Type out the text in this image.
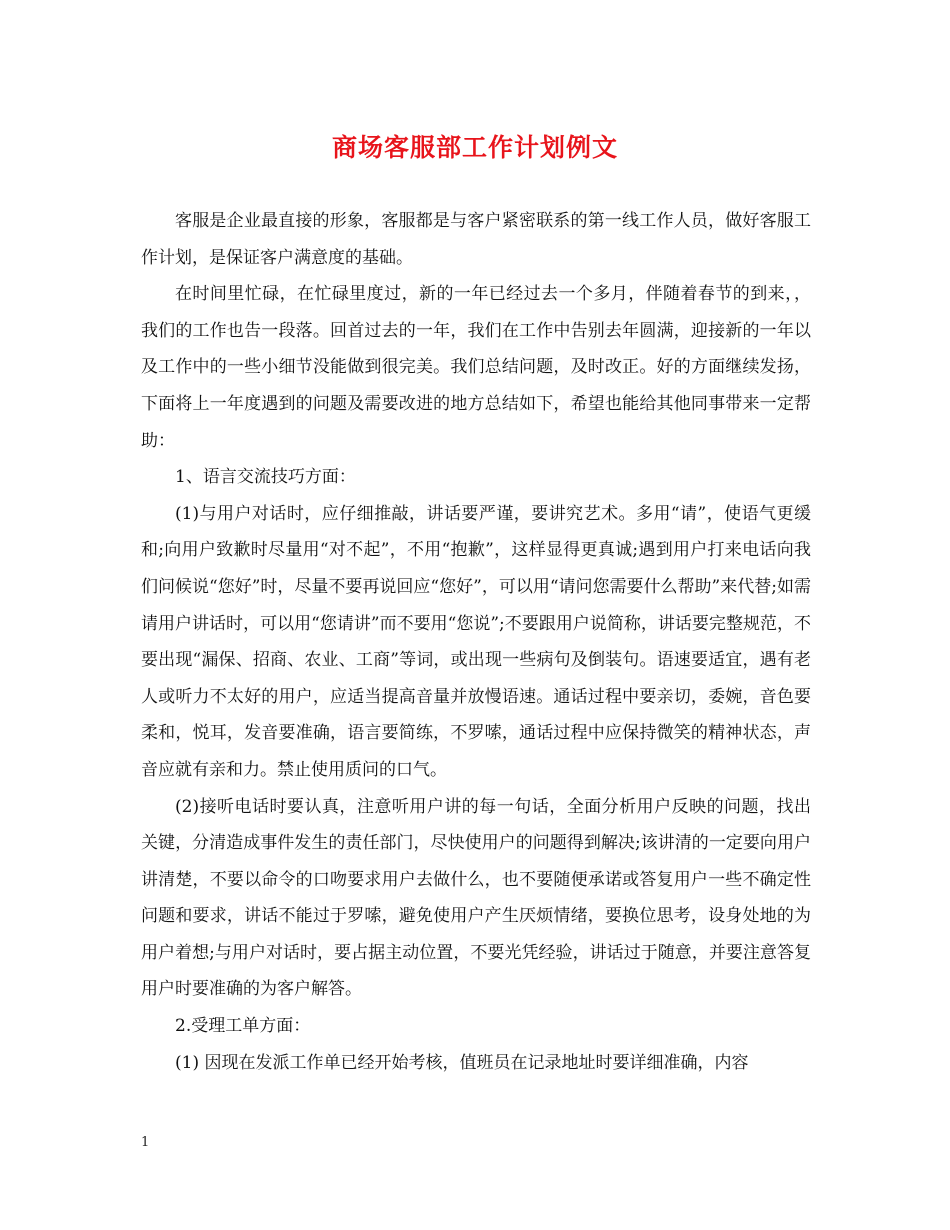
商场客服部工作计划例文

客服是企业最直接的形象，客服都是与客户紧密联系的第一线工作人员，做好客服工作计划，是保证客户满意度的基础。

在时间里忙碌，在忙碌里度过，新的一年已经过去一个多月，伴随着春节的到来，，我们的工作也告一段落。回首过去的一年，我们在工作中告别去年圆满，迎接新的一年以及工作中的一些小细节没能做到很完美。我们总结问题，及时改正。好的方面继续发扬，下面将上一年度遇到的问题及需要改进的地方总结如下，希望也能给其他同事带来一定帮助：

1、语言交流技巧方面：

(1)与用户对话时，应仔细推敲，讲话要严谨，要讲究艺术。多用“请”，使语气更缓和;向用户致歉时尽量用“对不起”，不用“抱歉”，这样显得更真诚;遇到用户打来电话向我们问候说“您好”时，尽量不要再说回应“您好”，可以用“请问您需要什么帮助”来代替;如需请用户讲话时，可以用“您请讲”而不要用“您说”;不要跟用户说简称，讲话要完整规范，不要出现“漏保、招商、农业、工商”等词，或出现一些病句及倒装句。语速要适宜，遇有老人或听力不太好的用户，应适当提高音量并放慢语速。通话过程中要亲切，委婉，音色要柔和，悦耳，发音要准确，语言要简练，不罗嗦，通话过程中应保持微笑的精神状态，声音应就有亲和力。禁止使用质问的口气。

(2)接听电话时要认真，注意听用户讲的每一句话，全面分析用户反映的问题，找出关键，分清造成事件发生的责任部门，尽快使用户的问题得到解决;该讲清的一定要向用户讲清楚，不要以命令的口吻要求用户去做什么，也不要随便承诺或答复用户一些不确定性问题和要求，讲话不能过于罗嗦，避免使用户产生厌烦情绪，要换位思考，设身处地的为用户着想;与用户对话时，要占据主动位置，不要光凭经验，讲话过于随意，并要注意答复用户时要准确的为客户解答。

2.受理工单方面：

(1) 因现在发派工作单已经开始考核，值班员在记录地址时要详细准确，内容

1
